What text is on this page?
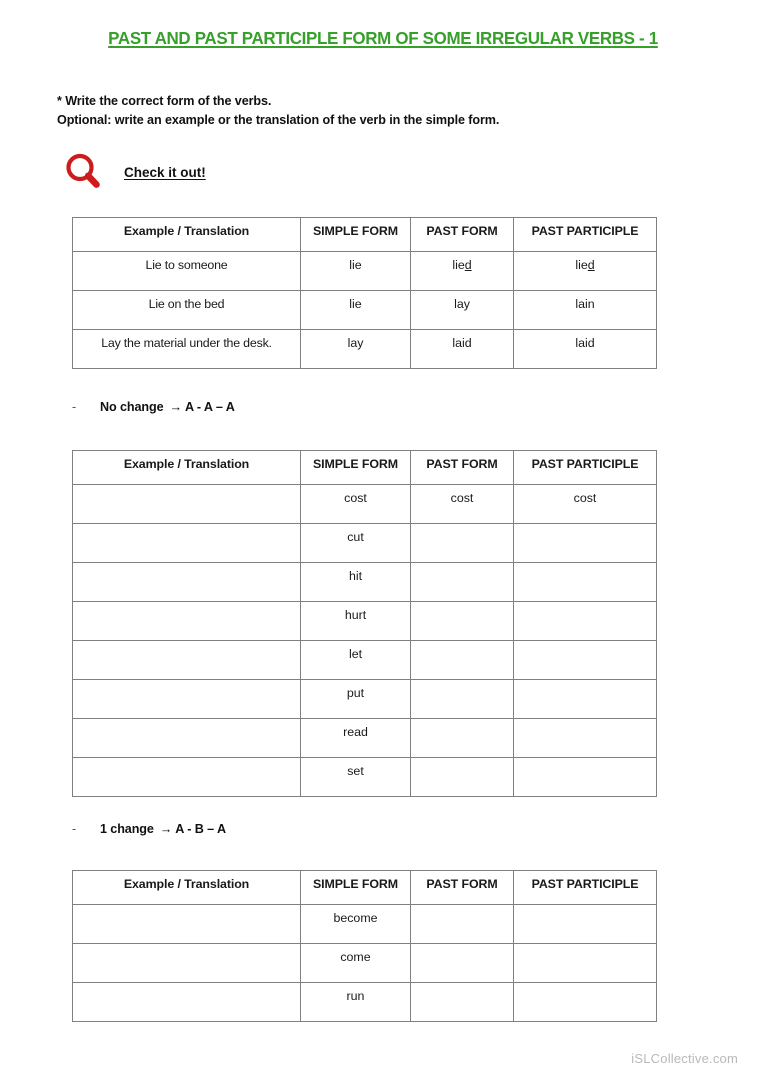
PAST AND PAST PARTICIPLE FORM OF SOME IRREGULAR VERBS - 1
* Write the correct form of the verbs.
Optional: write an example or the translation of the verb in the simple form.
Check it out!
Example / Translation	SIMPLE FORM	PAST FORM	PAST PARTICIPLE
Lie to someone	lie	lied	lied
Lie on the bed	lie	lay	lain
Lay the material under the desk.	lay	laid	laid
- No change → A - A – A
Example / Translation	SIMPLE FORM	PAST FORM	PAST PARTICIPLE
	cost	cost	cost
	cut		
	hit		
	hurt		
	let		
	put		
	read		
	set		
- 1 change → A - B – A
Example / Translation	SIMPLE FORM	PAST FORM	PAST PARTICIPLE
	become		
	come		
	run		
iSLCollective.com
